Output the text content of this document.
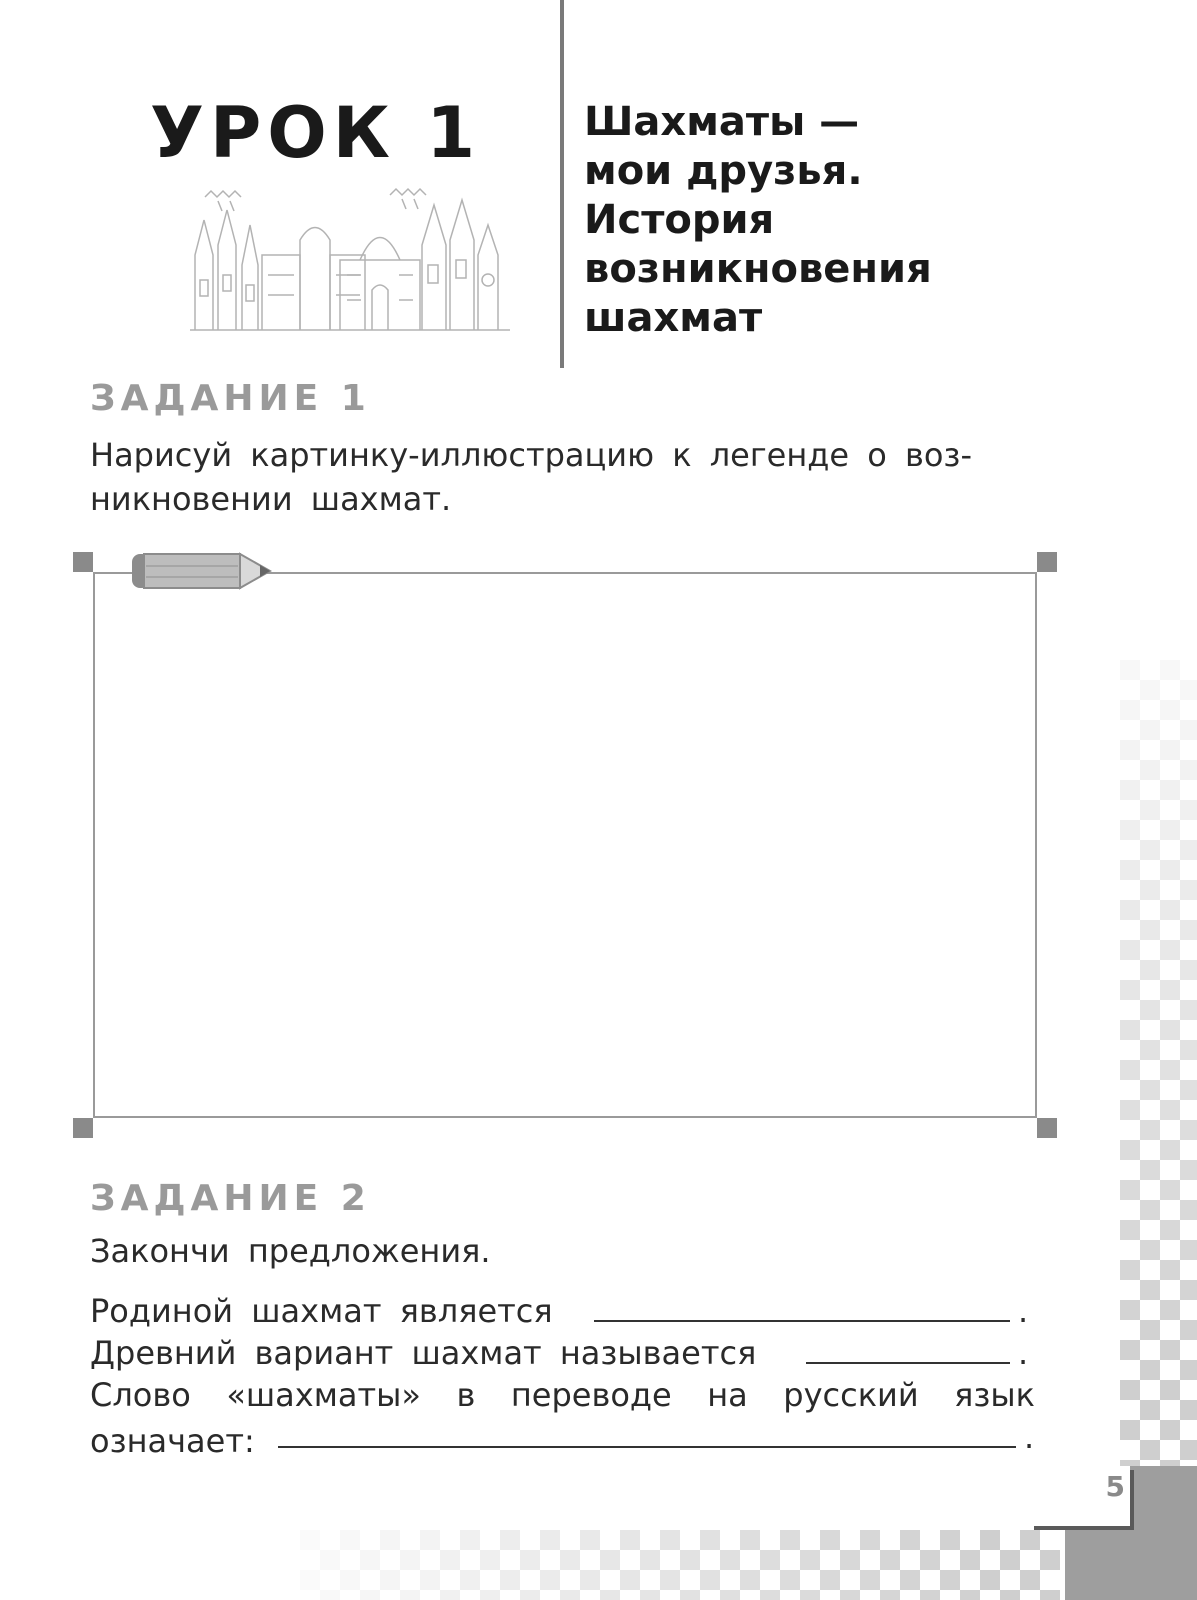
УРОК 1	Шахматы —
мои друзья.
История
возникновения
шахмат
ЗАДАНИЕ 1
Нарисуй картинку-иллюстрацию к легенде о воз-
никновении шахмат.
ЗАДАНИЕ 2
Закончи предложения.
Родиной шахмат является	.
Древний вариант шахмат называется	.
Слово «шахматы» в переводе на русский язык
означает:	.
5
